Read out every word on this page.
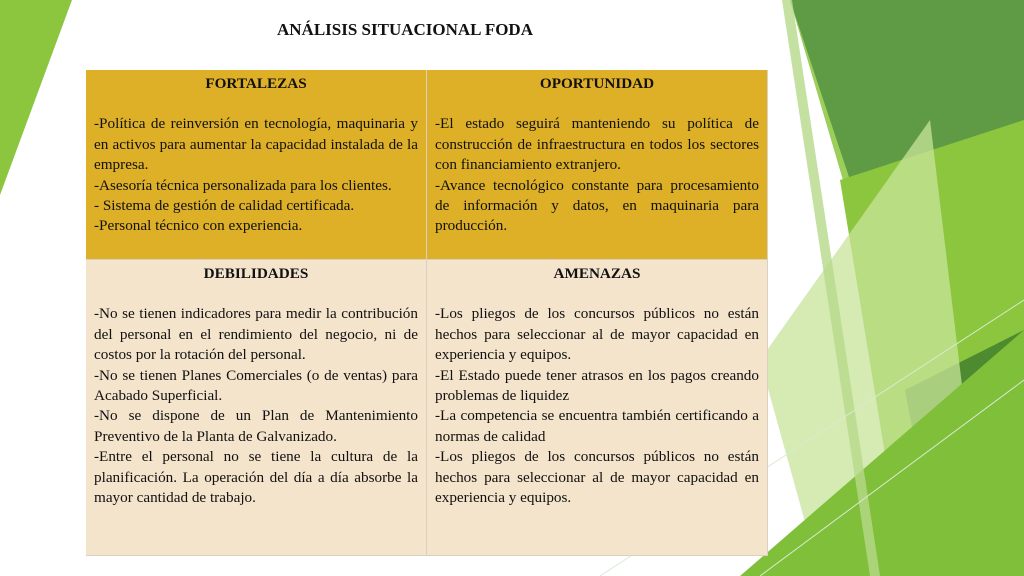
ANÁLISIS SITUACIONAL FODA
FORTALEZAS
-Política de reinversión en tecnología, maquinaria y en activos para aumentar la capacidad instalada de la empresa.
-Asesoría técnica personalizada para los clientes.
- Sistema de gestión de calidad certificada.
-Personal técnico con experiencia.
OPORTUNIDAD
-El estado seguirá manteniendo su política de construcción de infraestructura en todos los sectores con financiamiento extranjero.
-Avance tecnológico constante para procesamiento de información y datos, en maquinaria para producción.
DEBILIDADES
-No se tienen indicadores para medir la contribución del personal en el rendimiento del negocio, ni de costos por la rotación del personal.
-No se tienen Planes Comerciales (o de ventas) para Acabado Superficial.
-No se dispone de un Plan de Mantenimiento Preventivo de la Planta de Galvanizado.
-Entre el personal no se tiene la cultura de la planificación. La operación del día a día absorbe la mayor cantidad de trabajo.
AMENAZAS
-Los pliegos de los concursos públicos no están hechos para seleccionar al de mayor capacidad en experiencia y equipos.
-El Estado puede tener atrasos en los pagos creando problemas de liquidez
-La competencia se encuentra también certificando a normas de calidad
-Los pliegos de los concursos públicos no están hechos para seleccionar al de mayor capacidad en experiencia y equipos.
